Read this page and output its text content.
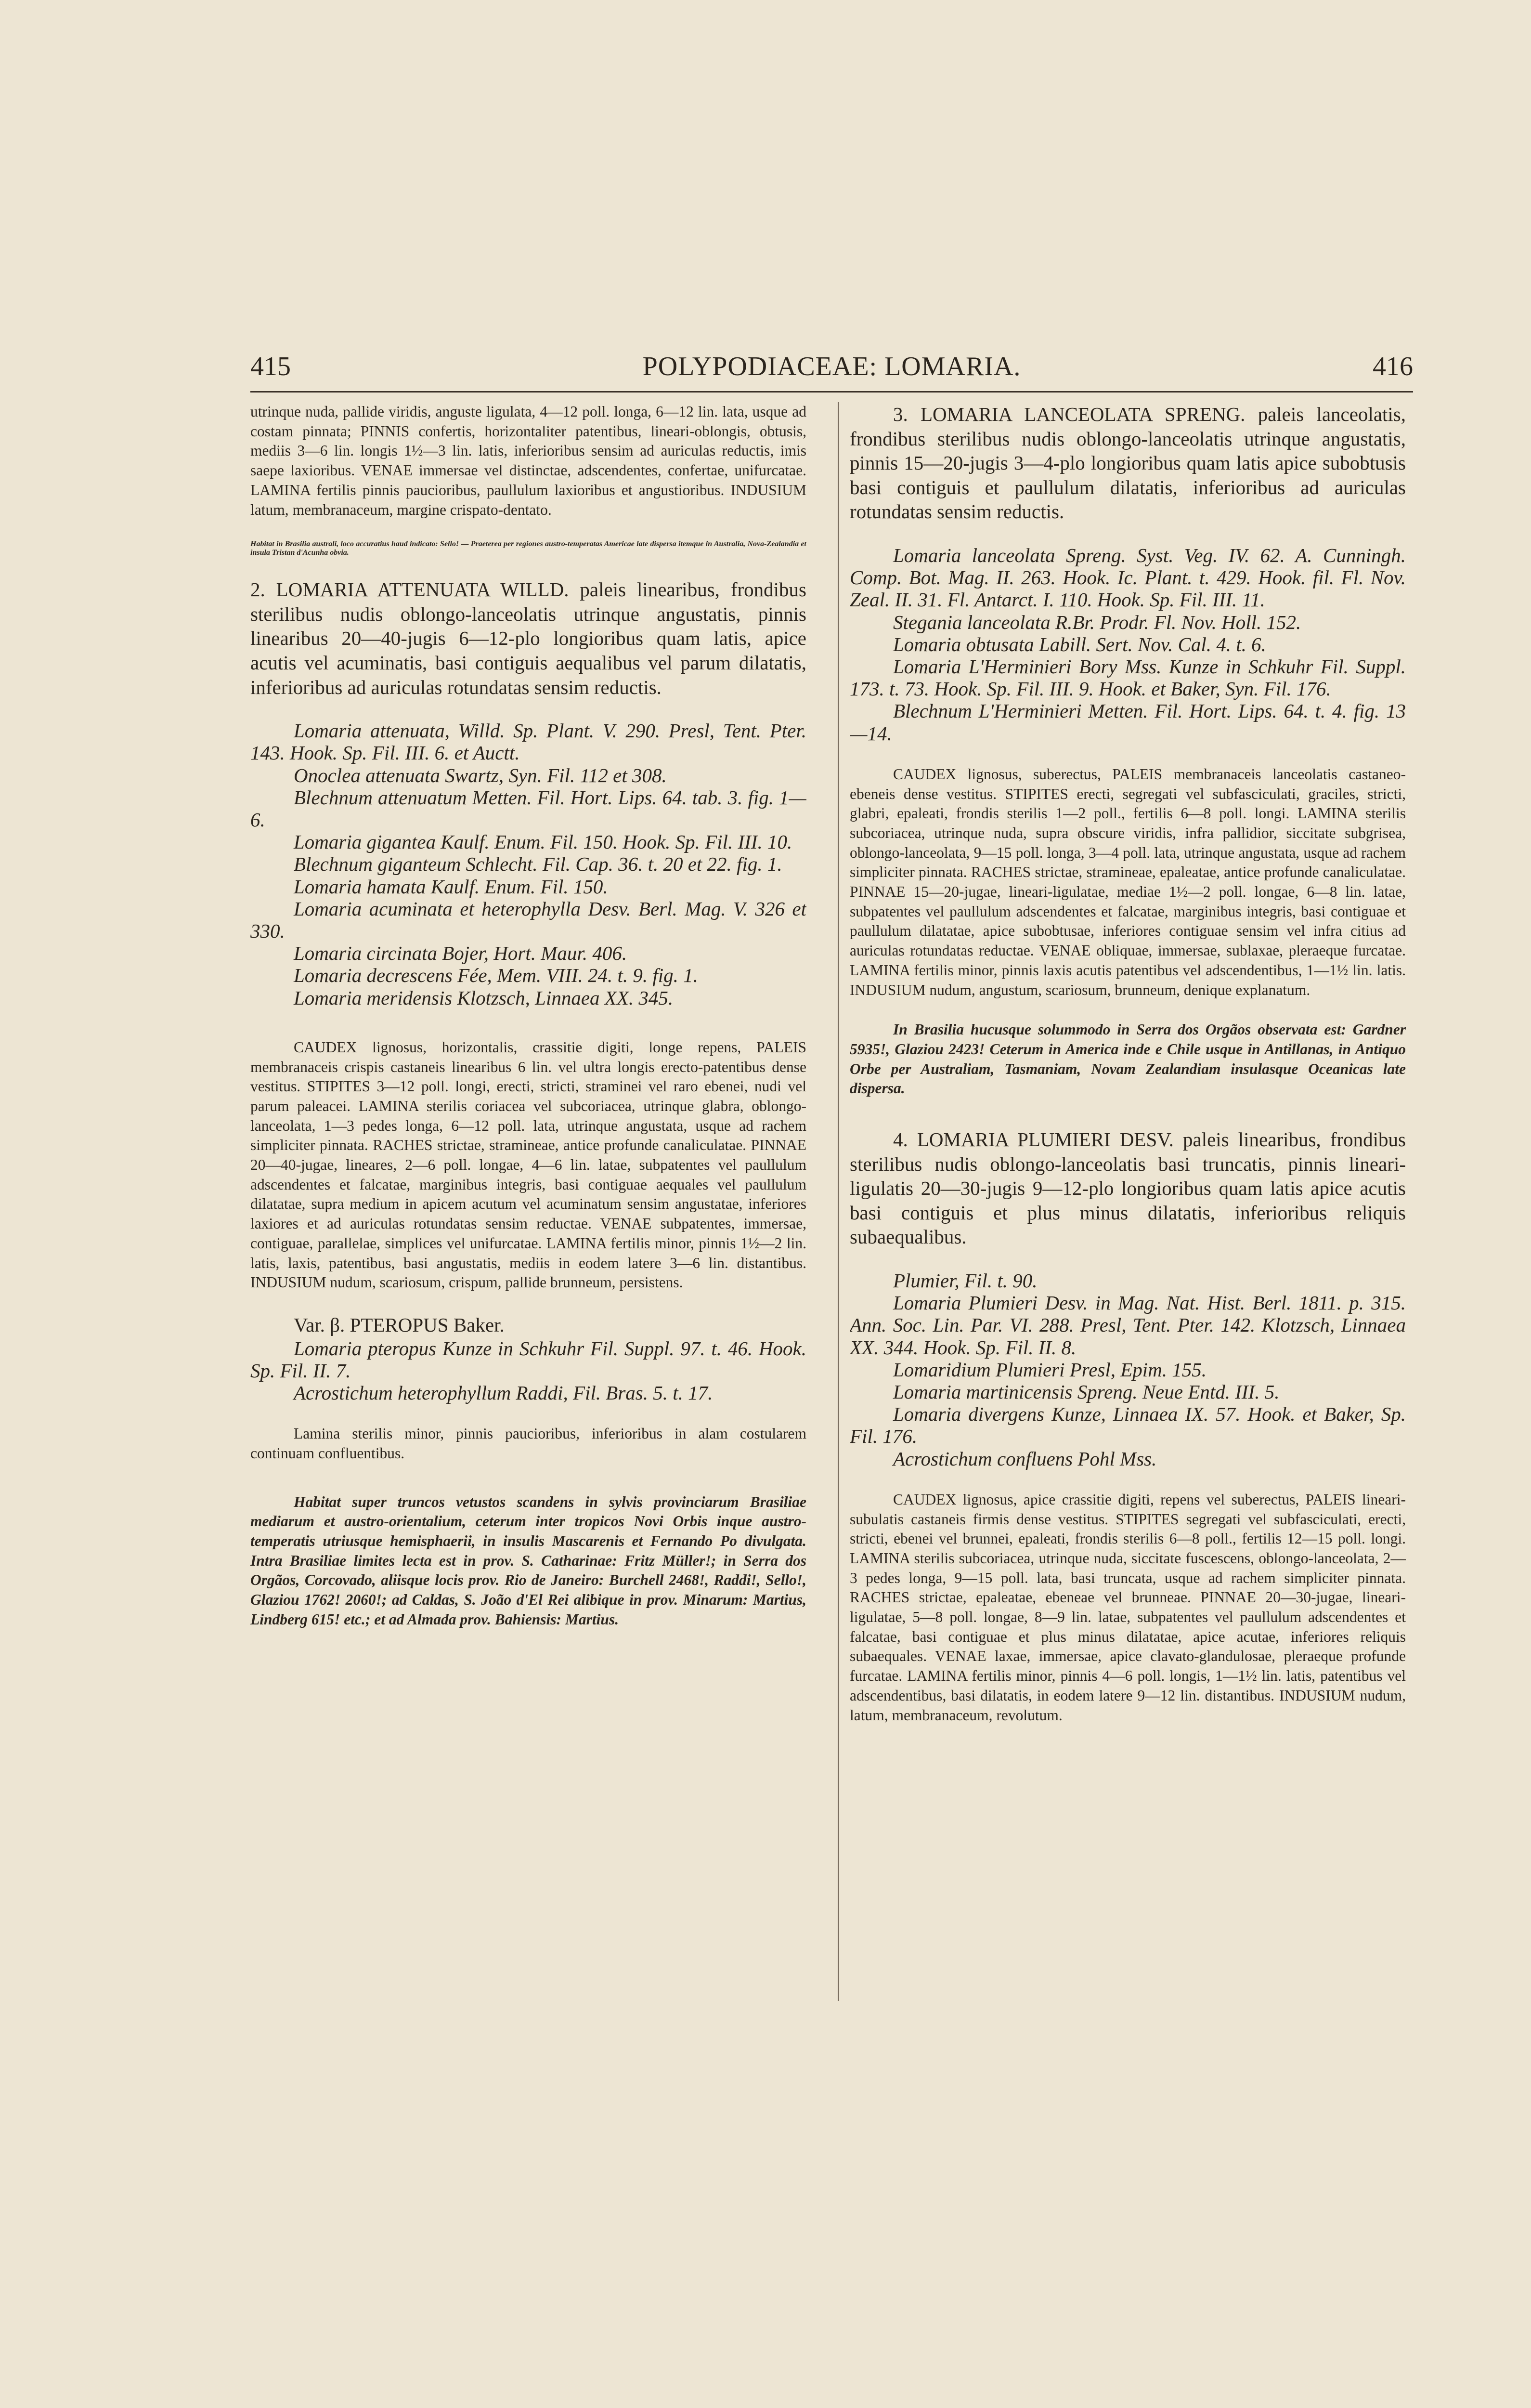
415	POLYPODIACEAE: LOMARIA.	416

utrinque nuda, pallide viridis, anguste ligulata, 4—12 poll. longa, 6—12 lin. lata, usque ad costam pinnata; PINNIS confertis, horizontaliter patentibus, lineari-oblongis, obtusis, mediis 3—6 lin. longis 1½—3 lin. latis, inferioribus sensim ad auriculas reductis, imis saepe laxioribus. VENAE immersae vel distinctae, adscendentes, confertae, unifurcatae. LAMINA fertilis pinnis paucioribus, paullulum laxioribus et angustioribus. INDUSIUM latum, membranaceum, margine crispato-dentato.

Habitat in Brasilia australi, loco accuratius haud indicato: Sello! — Praeterea per regiones austro-temperatas Americae late dispersa itemque in Australia, Nova-Zealandia et insula Tristan d'Acunha obvia.

2. LOMARIA ATTENUATA WILLD. paleis linearibus, frondibus sterilibus nudis oblongo-lanceolatis utrinque angustatis, pinnis linearibus 20—40-jugis 6—12-plo longioribus quam latis, apice acutis vel acuminatis, basi contiguis aequalibus vel parum dilatatis, inferioribus ad auriculas rotundatas sensim reductis.

Lomaria attenuata, Willd. Sp. Plant. V. 290. Presl, Tent. Pter. 143. Hook. Sp. Fil. III. 6. et Auctt.

Onoclea attenuata Swartz, Syn. Fil. 112 et 308.

Blechnum attenuatum Metten. Fil. Hort. Lips. 64. tab. 3. fig. 1—6.

Lomaria gigantea Kaulf. Enum. Fil. 150. Hook. Sp. Fil. III. 10.

Blechnum giganteum Schlecht. Fil. Cap. 36. t. 20 et 22. fig. 1.

Lomaria hamata Kaulf. Enum. Fil. 150.

Lomaria acuminata et heterophylla Desv. Berl. Mag. V. 326 et 330.

Lomaria circinata Bojer, Hort. Maur. 406.

Lomaria decrescens Fée, Mem. VIII. 24. t. 9. fig. 1.

Lomaria meridensis Klotzsch, Linnaea XX. 345.

CAUDEX lignosus, horizontalis, crassitie digiti, longe repens, PALEIS membranaceis crispis castaneis linearibus 6 lin. vel ultra longis erecto-patentibus dense vestitus. STIPITES 3—12 poll. longi, erecti, stricti, straminei vel raro ebenei, nudi vel parum paleacei. LAMINA sterilis coriacea vel subcoriacea, utrinque glabra, oblongo-lanceolata, 1—3 pedes longa, 6—12 poll. lata, utrinque angustata, usque ad rachem simpliciter pinnata. RACHES strictae, stramineae, antice profunde canaliculatae. PINNAE 20—40-jugae, lineares, 2—6 poll. longae, 4—6 lin. latae, subpatentes vel paullulum adscendentes et falcatae, marginibus integris, basi contiguae aequales vel paullulum dilatatae, supra medium in apicem acutum vel acuminatum sensim angustatae, inferiores laxiores et ad auriculas rotundatas sensim reductae. VENAE subpatentes, immersae, contiguae, parallelae, simplices vel unifurcatae. LAMINA fertilis minor, pinnis 1½—2 lin. latis, laxis, patentibus, basi angustatis, mediis in eodem latere 3—6 lin. distantibus. INDUSIUM nudum, scariosum, crispum, pallide brunneum, persistens.

Var. β. PTEROPUS Baker.

Lomaria pteropus Kunze in Schkuhr Fil. Suppl. 97. t. 46. Hook. Sp. Fil. II. 7.

Acrostichum heterophyllum Raddi, Fil. Bras. 5. t. 17.

Lamina sterilis minor, pinnis paucioribus, inferioribus in alam costularem continuam confluentibus.

Habitat super truncos vetustos scandens in sylvis provinciarum Brasiliae mediarum et austro-orientalium, ceterum inter tropicos Novi Orbis inque austro-temperatis utriusque hemisphaerii, in insulis Mascarenis et Fernando Po divulgata. Intra Brasiliae limites lecta est in prov. S. Catharinae: Fritz Müller!; in Serra dos Orgãos, Corcovado, aliisque locis prov. Rio de Janeiro: Burchell 2468!, Raddi!, Sello!, Glaziou 1762! 2060!; ad Caldas, S. João d'El Rei alibique in prov. Minarum: Martius, Lindberg 615! etc.; et ad Almada prov. Bahiensis: Martius.

3. LOMARIA LANCEOLATA SPRENG. paleis lanceolatis, frondibus sterilibus nudis oblongo-lanceolatis utrinque angustatis, pinnis 15—20-jugis 3—4-plo longioribus quam latis apice subobtusis basi contiguis et paullulum dilatatis, inferioribus ad auriculas rotundatas sensim reductis.

Lomaria lanceolata Spreng. Syst. Veg. IV. 62. A. Cunningh. Comp. Bot. Mag. II. 263. Hook. Ic. Plant. t. 429. Hook. fil. Fl. Nov. Zeal. II. 31. Fl. Antarct. I. 110. Hook. Sp. Fil. III. 11.

Stegania lanceolata R.Br. Prodr. Fl. Nov. Holl. 152.

Lomaria obtusata Labill. Sert. Nov. Cal. 4. t. 6.

Lomaria L'Herminieri Bory Mss. Kunze in Schkuhr Fil. Suppl. 173. t. 73. Hook. Sp. Fil. III. 9. Hook. et Baker, Syn. Fil. 176.

Blechnum L'Herminieri Metten. Fil. Hort. Lips. 64. t. 4. fig. 13—14.

CAUDEX lignosus, suberectus, PALEIS membranaceis lanceolatis castaneo-ebeneis dense vestitus. STIPITES erecti, segregati vel subfasciculati, graciles, stricti, glabri, epaleati, frondis sterilis 1—2 poll., fertilis 6—8 poll. longi. LAMINA sterilis subcoriacea, utrinque nuda, supra obscure viridis, infra pallidior, siccitate subgrisea, oblongo-lanceolata, 9—15 poll. longa, 3—4 poll. lata, utrinque angustata, usque ad rachem simpliciter pinnata. RACHES strictae, stramineae, epaleatae, antice profunde canaliculatae. PINNAE 15—20-jugae, lineari-ligulatae, mediae 1½—2 poll. longae, 6—8 lin. latae, subpatentes vel paullulum adscendentes et falcatae, marginibus integris, basi contiguae et paullulum dilatatae, apice subobtusae, inferiores contiguae sensim vel infra citius ad auriculas rotundatas reductae. VENAE obliquae, immersae, sublaxae, pleraeque furcatae. LAMINA fertilis minor, pinnis laxis acutis patentibus vel adscendentibus, 1—1½ lin. latis. INDUSIUM nudum, angustum, scariosum, brunneum, denique explanatum.

In Brasilia hucusque solummodo in Serra dos Orgãos observata est: Gardner 5935!, Glaziou 2423! Ceterum in America inde e Chile usque in Antillanas, in Antiquo Orbe per Australiam, Tasmaniam, Novam Zealandiam insulasque Oceanicas late dispersa.

4. LOMARIA PLUMIERI DESV. paleis linearibus, frondibus sterilibus nudis oblongo-lanceolatis basi truncatis, pinnis lineari-ligulatis 20—30-jugis 9—12-plo longioribus quam latis apice acutis basi contiguis et plus minus dilatatis, inferioribus reliquis subaequalibus.

Plumier, Fil. t. 90.

Lomaria Plumieri Desv. in Mag. Nat. Hist. Berl. 1811. p. 315. Ann. Soc. Lin. Par. VI. 288. Presl, Tent. Pter. 142. Klotzsch, Linnaea XX. 344. Hook. Sp. Fil. II. 8.

Lomaridium Plumieri Presl, Epim. 155.

Lomaria martinicensis Spreng. Neue Entd. III. 5.

Lomaria divergens Kunze, Linnaea IX. 57. Hook. et Baker, Sp. Fil. 176.

Acrostichum confluens Pohl Mss.

CAUDEX lignosus, apice crassitie digiti, repens vel suberectus, PALEIS lineari-subulatis castaneis firmis dense vestitus. STIPITES segregati vel subfasciculati, erecti, stricti, ebenei vel brunnei, epaleati, frondis sterilis 6—8 poll., fertilis 12—15 poll. longi. LAMINA sterilis subcoriacea, utrinque nuda, siccitate fuscescens, oblongo-lanceolata, 2—3 pedes longa, 9—15 poll. lata, basi truncata, usque ad rachem simpliciter pinnata. RACHES strictae, epaleatae, ebeneae vel brunneae. PINNAE 20—30-jugae, lineari-ligulatae, 5—8 poll. longae, 8—9 lin. latae, subpatentes vel paullulum adscendentes et falcatae, basi contiguae et plus minus dilatatae, apice acutae, inferiores reliquis subaequales. VENAE laxae, immersae, apice clavato-glandulosae, pleraeque profunde furcatae. LAMINA fertilis minor, pinnis 4—6 poll. longis, 1—1½ lin. latis, patentibus vel adscendentibus, basi dilatatis, in eodem latere 9—12 lin. distantibus. INDUSIUM nudum, latum, membranaceum, revolutum.
